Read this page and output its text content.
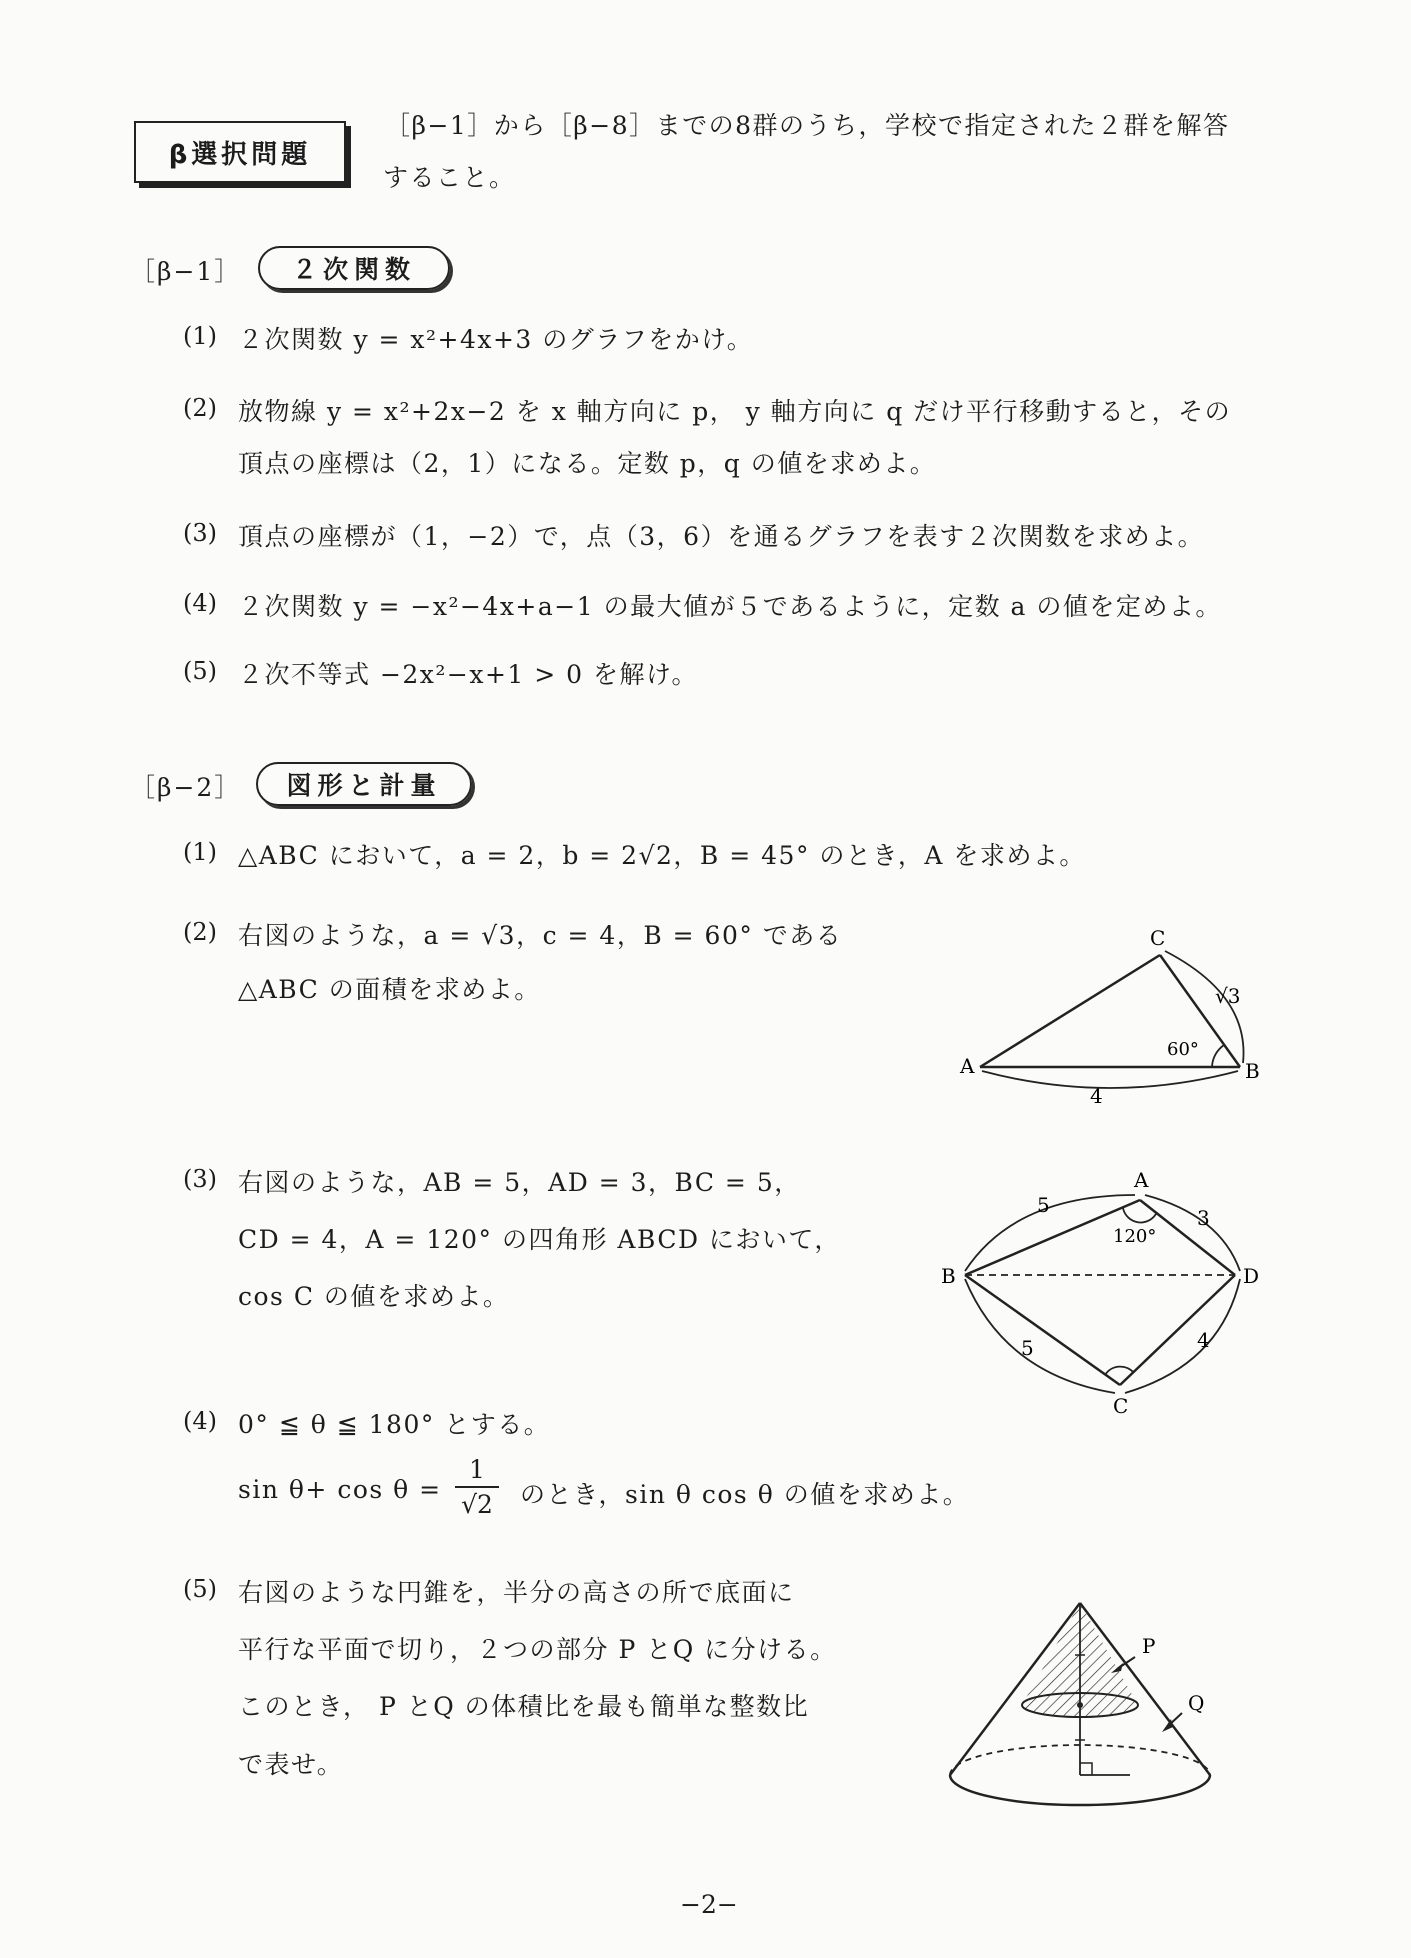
β選択問題
［β−1］から［β−8］までの8群のうち，学校で指定された２群を解答
すること。
［β−1］	２次関数
(1) ２次関数 y = x²+4x+3 のグラフをかけ。
(2) 放物線 y = x²+2x−2 を x 軸方向に p， y 軸方向に q だけ平行移動すると，その
頂点の座標は（2，1）になる。定数 p，q の値を求めよ。
(3) 頂点の座標が（1，−2）で，点（3，6）を通るグラフを表す２次関数を求めよ。
(4) ２次関数 y = −x²−4x+a−1 の最大値が５であるように，定数 a の値を定めよ。
(5) ２次不等式 −2x²−x+1 > 0 を解け。
［β−2］	図形と計量
(1) △ABC において，a = 2，b = 2√2，B = 45° のとき，A を求めよ。
(2) 右図のような，a = √3，c = 4，B = 60° である
△ABC の面積を求めよ。
A	B
C
√3
60°
4
(3) 右図のような，AB = 5，AD = 3，BC = 5，
CD = 4，A = 120° の四角形 ABCD において，
cos C の値を求めよ。
A
B
C
D
5
3
5	4
120°
(4) 0° ≦ θ ≦ 180° とする。
sin θ+ cos θ =
1
√2 のとき，sin θ cos θ の値を求めよ。
(5) 右図のような円錐を，半分の高さの所で底面に
平行な平面で切り，２つの部分 P とQ に分ける。
このとき， P とQ の体積比を最も簡単な整数比
で表せ。
P
Q
−2−
